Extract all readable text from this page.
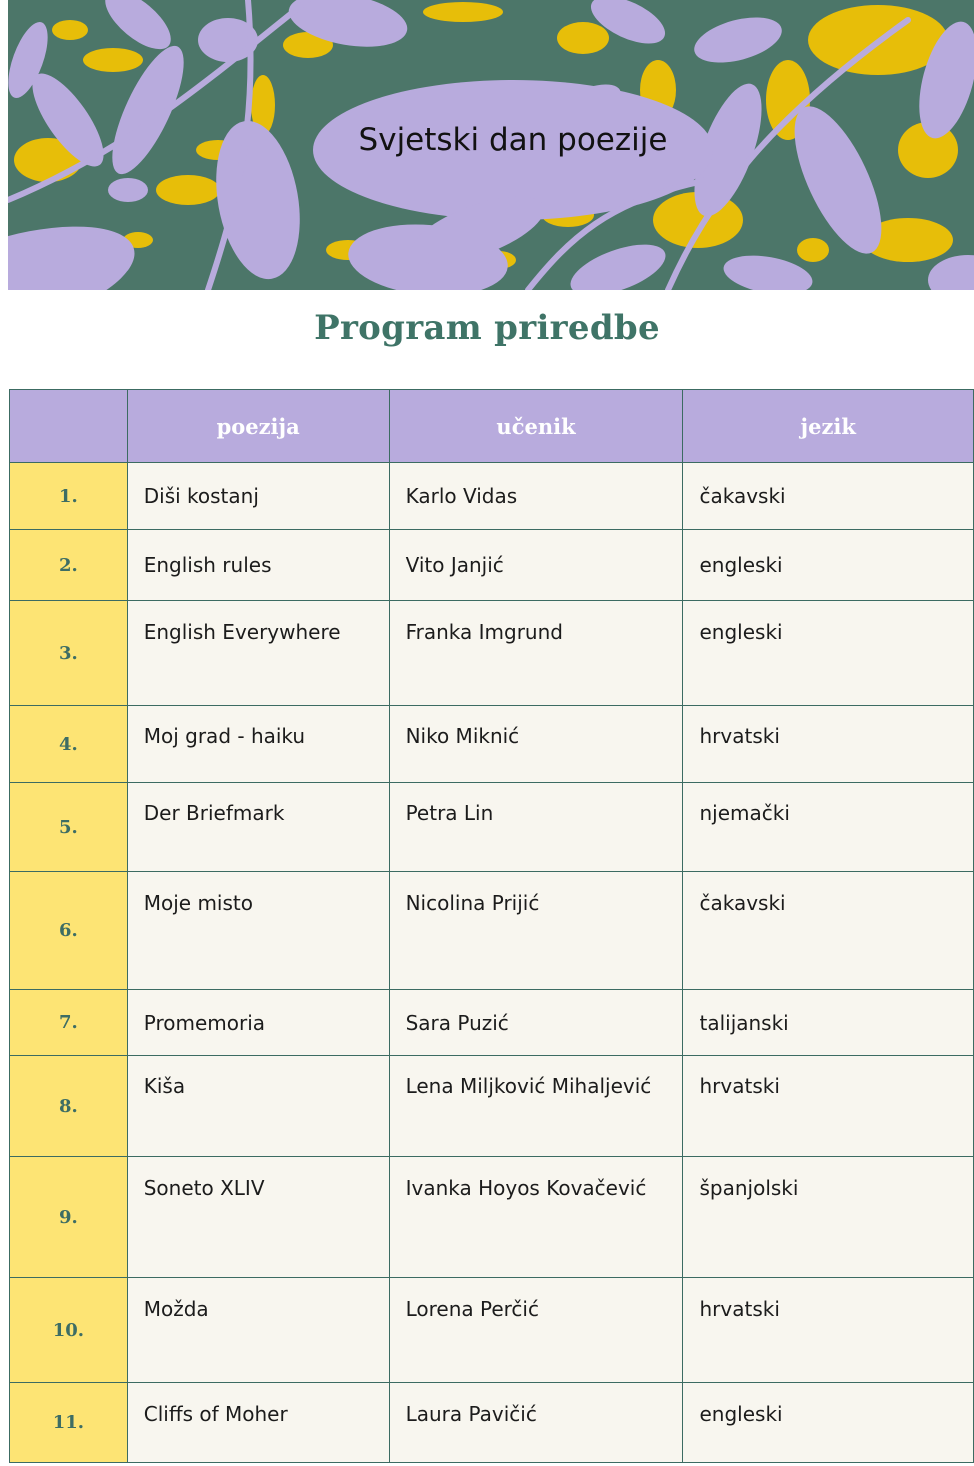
Svjetski dan poezije
Program priredbe
	poezija	učenik	jezik
1.	Diši kostanj	Karlo Vidas	čakavski
2.	English rules	Vito Janjić	engleski
3.	English Everywhere	Franka Imgrund	engleski
4.	Moj grad - haiku	Niko Miknić	hrvatski
5.	Der Briefmark	Petra Lin	njemački
6.	Moje misto	Nicolina Prijić	čakavski
7.	Promemoria	Sara Puzić	talijanski
8.	Kiša	Lena Miljković Mihaljević	hrvatski
9.	Soneto XLIV	Ivanka Hoyos Kovačević	španjolski
10.	Možda	Lorena Perčić	hrvatski
11.	Cliffs of Moher	Laura Pavičić	engleski
